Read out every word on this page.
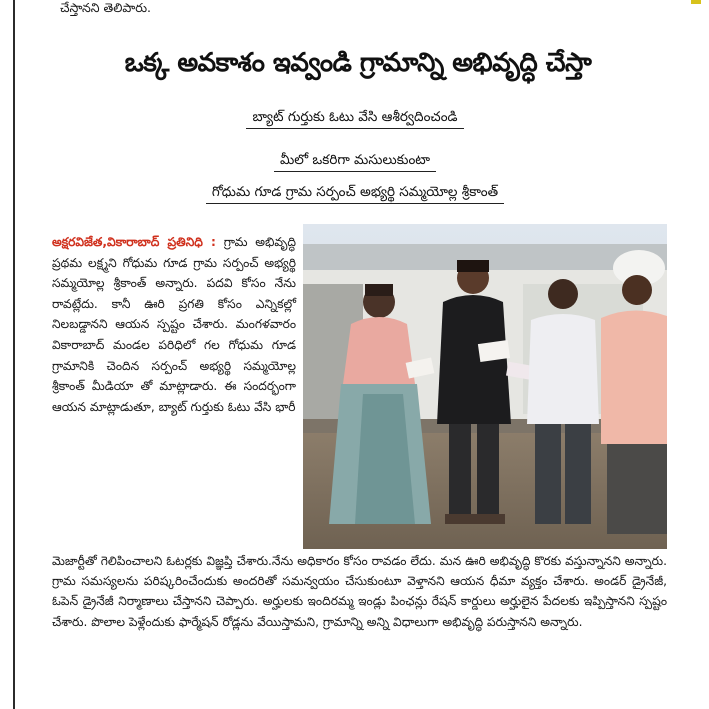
చేస్తానని తెలిపారు.
ఒక్క అవకాశం ఇవ్వండి గ్రామాన్ని అభివృద్ధి చేస్తా
బ్యాట్ గుర్తుకు ఓటు వేసి ఆశీర్వదించండి
మీలో ఒకరిగా మసులుకుంటా
గోధుమ గూడ గ్రామ సర్పంచ్ అభ్యర్థి సమ్మయోల్ల శ్రీకాంత్
అక్షరవిజేత,వికారాబాద్ ప్రతినిధి : గ్రామ అభివృద్ధి ప్రథమ లక్ష్మని గోధుమ గూడ గ్రామ సర్పంచ్ అభ్యర్థి సమ్మయోల్ల శ్రీకాంత్ అన్నారు. పదవి కోసం నేను రావట్లేదు. కానీ ఊరి ప్రగతి కోసం ఎన్నికల్లో నిలబడ్డానని ఆయన స్పష్టం చేశారు. మంగళవారం వికారాబాద్ మండల పరిధిలో గల గోధుమ గూడ గ్రామానికి చెందిన సర్పంచ్ అభ్యర్థి సమ్మయోల్ల శ్రీకాంత్ మీడియా తో మాట్లాడారు. ఈ సందర్భంగా ఆయన మాట్లాడుతూ, బ్యాట్ గుర్తుకు ఓటు వేసి భారీ
మెజార్టీతో గెలిపించాలని ఓటర్లకు విజ్ఞప్తి చేశారు.నేను అధికారం కోసం రావడం లేదు. మన ఊరి అభివృద్ధి కొరకు వస్తున్నానని అన్నారు. గ్రామ సమస్యలను పరిష్కరించేందుకు అందరితో సమన్వయం చేసుకుంటూ వెళ్తానని ఆయన ధీమా వ్యక్తం చేశారు. అండర్ డ్రైనేజీ, ఓపెన్ డ్రైనేజీ నిర్మాణాలు చేస్తానని చెప్పారు. అర్హులకు ఇందిరమ్మ ఇండ్లు పింఛన్లు రేషన్ కార్డులు అర్హులైన పేదలకు ఇప్పిస్తానని స్పష్టం చేశారు. పొలాల పెళ్లేందుకు ఫార్మేషన్ రోడ్లను వేయిస్తామని, గ్రామాన్ని అన్ని విధాలుగా అభివృద్ధి పరుస్తానని అన్నారు.
